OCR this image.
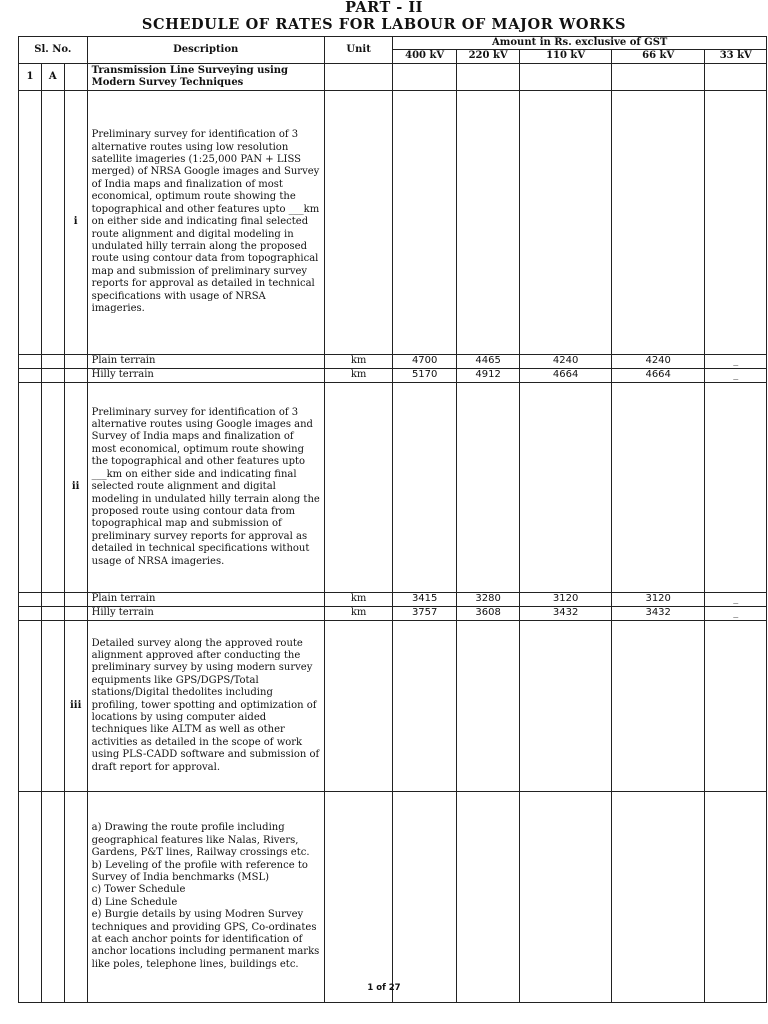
PART - II
SCHEDULE OF RATES FOR LABOUR OF MAJOR WORKS
Sl. No.			Description	Unit	Amount in Rs. exclusive of GST				
					400 kV	220 kV	110 kV	66 kV	33 kV
1	A		Transmission Line Surveying using Modern Survey Techniques						
		i	Preliminary survey for identification of 3 alternative routes using low resolution satellite imageries (1:25,000 PAN + LISS merged) of NRSA Google images and Survey of India maps and finalization of most economical, optimum route showing the topographical and other features upto ___km on either side and indicating final selected route alignment and digital modeling in undulated hilly terrain along the proposed route using contour data from topographical map and submission of preliminary survey reports for approval as detailed in technical specifications with usage of NRSA imageries.						
			Plain terrain	km	4700	4465	4240	4240	_
			Hilly terrain	km	5170	4912	4664	4664	_
		ii	Preliminary survey for identification of 3 alternative routes using Google images and Survey of India maps and finalization of most economical, optimum route showing the topographical and other features upto ___km on either side and indicating final selected route alignment and digital modeling in undulated hilly terrain along the proposed route using contour data from topographical map and submission of preliminary survey reports for approval as detailed in technical specifications without usage of NRSA imageries.						
			Plain terrain	km	3415	3280	3120	3120	_
			Hilly terrain	km	3757	3608	3432	3432	_
		iii	Detailed survey along the approved route alignment approved after conducting the preliminary survey by using modern survey equipments like GPS/DGPS/Total stations/Digital thedolites including profiling, tower spotting and optimization of locations by using computer aided techniques like ALTM as well as other activities as detailed in the scope of work using PLS-CADD software and submission of draft report for approval.						

			a) Drawing the route profile including geographical features like Nalas, Rivers, Gardens, P&T lines, Railway crossings etc.
b) Leveling of the profile with reference to Survey of India benchmarks (MSL)
c) Tower Schedule
d) Line Schedule
e) Burgie details by using Modren Survey techniques and providing GPS, Co-ordinates at each anchor points for identification of anchor locations including permanent marks like poles, telephone lines, buildings etc.						

1 of 27
